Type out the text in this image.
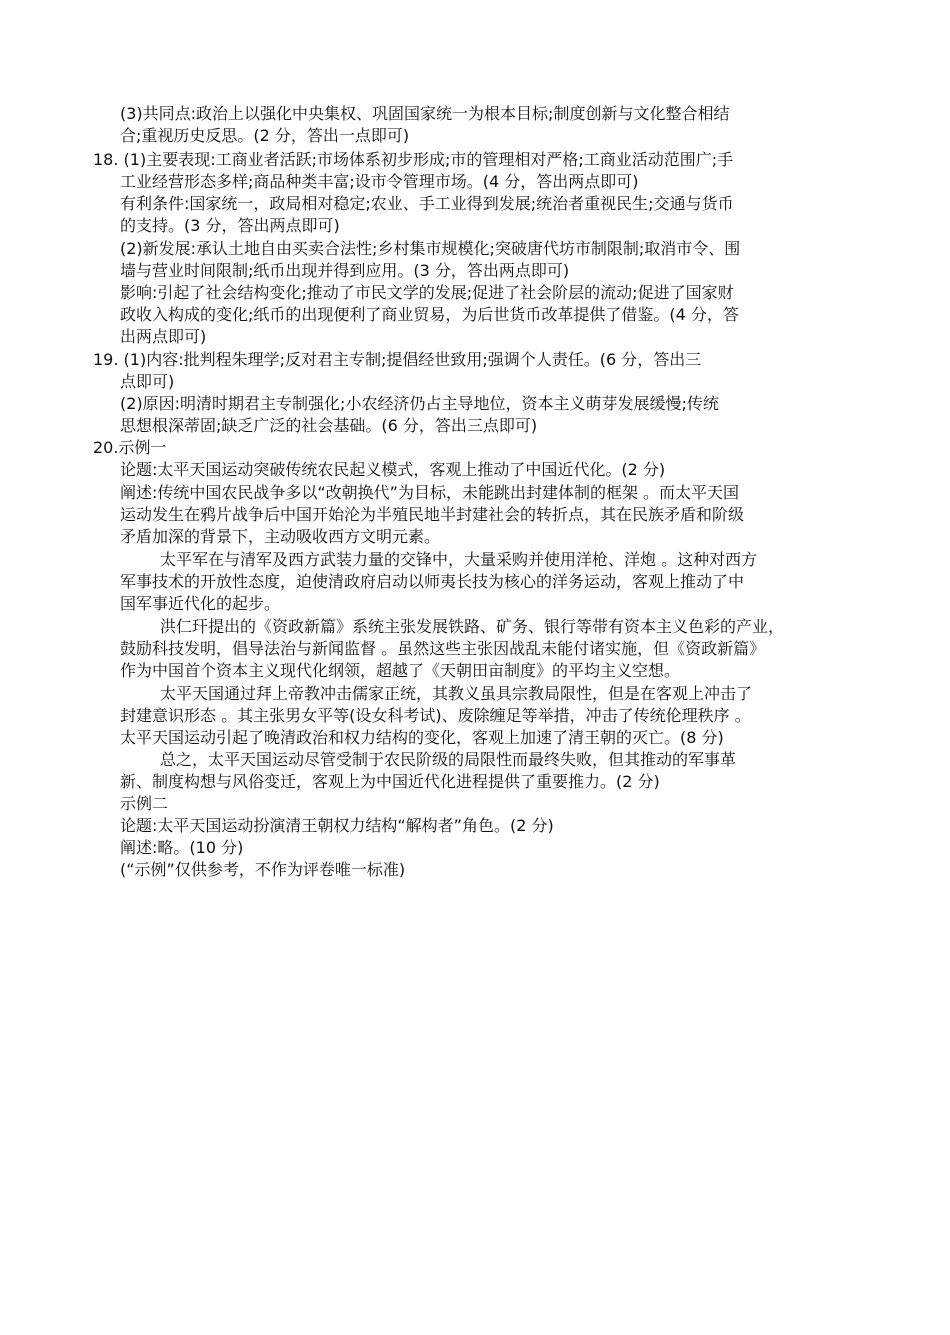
(3)共同点:政治上以强化中央集权、巩固国家统一为根本目标;制度创新与文化整合相结
合;重视历史反思。(2 分，答出一点即可)
18. (1)主要表现:工商业者活跃;市场体系初步形成;市的管理相对严格;工商业活动范围广;手
工业经营形态多样;商品种类丰富;设市令管理市场。(4 分，答出两点即可)
有利条件:国家统一，政局相对稳定;农业、手工业得到发展;统治者重视民生;交通与货币
的支持。(3 分，答出两点即可)
(2)新发展:承认土地自由买卖合法性;乡村集市规模化;突破唐代坊市制限制;取消市令、围
墙与营业时间限制;纸币出现并得到应用。(3 分，答出两点即可)
影响:引起了社会结构变化;推动了市民文学的发展;促进了社会阶层的流动;促进了国家财
政收入构成的变化;纸币的出现便利了商业贸易，为后世货币改革提供了借鉴。(4 分，答
出两点即可)
19. (1)内容:批判程朱理学;反对君主专制;提倡经世致用;强调个人责任。(6 分，答出三
点即可)
(2)原因:明清时期君主专制强化;小农经济仍占主导地位，资本主义萌芽发展缓慢;传统
思想根深蒂固;缺乏广泛的社会基础。(6 分，答出三点即可)
20.示例一
论题:太平天国运动突破传统农民起义模式，客观上推动了中国近代化。(2 分)
阐述:传统中国农民战争多以“改朝换代”为目标，未能跳出封建体制的框架 。而太平天国
运动发生在鸦片战争后中国开始沦为半殖民地半封建社会的转折点，其在民族矛盾和阶级
矛盾加深的背景下，主动吸收西方文明元素。
太平军在与清军及西方武装力量的交锋中，大量采购并使用洋枪、洋炮 。这种对西方
军事技术的开放性态度，迫使清政府启动以师夷长技为核心的洋务运动，客观上推动了中
国军事近代化的起步。
洪仁玕提出的《资政新篇》系统主张发展铁路、矿务、银行等带有资本主义色彩的产业，
鼓励科技发明，倡导法治与新闻监督 。虽然这些主张因战乱未能付诸实施，但《资政新篇》
作为中国首个资本主义现代化纲领，超越了《天朝田亩制度》的平均主义空想。
太平天国通过拜上帝教冲击儒家正统，其教义虽具宗教局限性，但是在客观上冲击了
封建意识形态 。其主张男女平等(设女科考试)、废除缠足等举措，冲击了传统伦理秩序 。
太平天国运动引起了晚清政治和权力结构的变化，客观上加速了清王朝的灭亡。(8 分)
总之，太平天国运动尽管受制于农民阶级的局限性而最终失败，但其推动的军事革
新、制度构想与风俗变迁，客观上为中国近代化进程提供了重要推力。(2 分)
示例二
论题:太平天国运动扮演清王朝权力结构“解构者”角色。(2 分)
阐述:略。(10 分)
(“示例”仅供参考，不作为评卷唯一标准)
